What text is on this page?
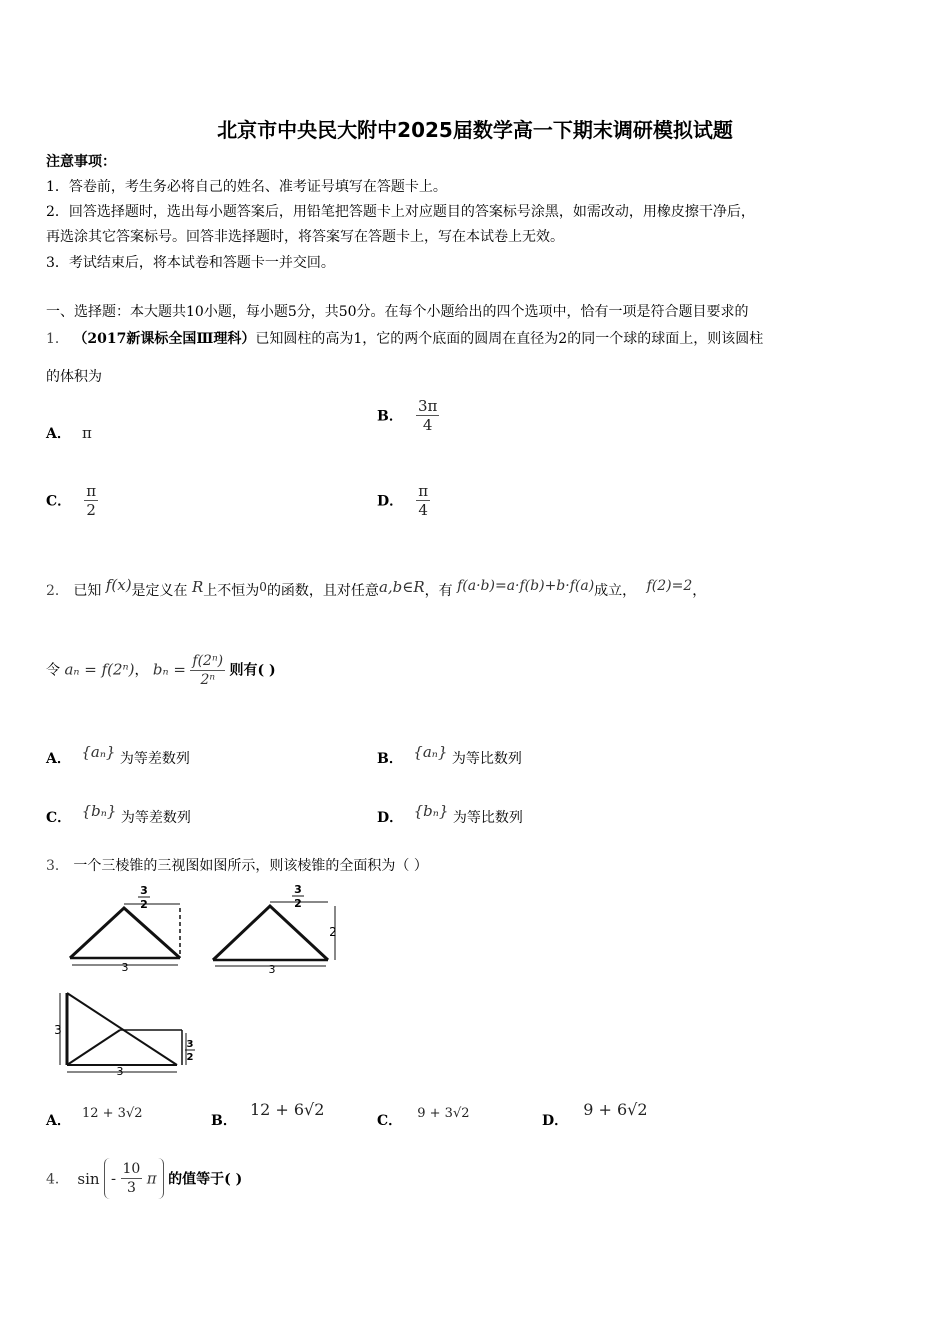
北京市中央民大附中2025届数学高一下期末调研模拟试题
注意事项：
1．答卷前，考生务必将自己的姓名、准考证号填写在答题卡上。
2．回答选择题时，选出每小题答案后，用铅笔把答题卡上对应题目的答案标号涂黑，如需改动，用橡皮擦干净后，
再选涂其它答案标号。回答非选择题时，将答案写在答题卡上，写在本试卷上无效。
3．考试结束后，将本试卷和答题卡一并交回。
一、选择题：本大题共10小题，每小题5分，共50分。在每个小题给出的四个选项中，恰有一项是符合题目要求的
1． （2017新课标全国Ⅲ理科）已知圆柱的高为1，它的两个底面的圆周在直径为2的同一个球的球面上，则该圆柱
的体积为
A． π
B． $\frac{3\pi}{4}$
C． $\frac{\pi}{2}$	D． $\frac{\pi}{4}$
2． 已知 f(x)是定义在 R上不恒为0的函数，且对任意a,b∈R，有 f(a·b)=a·f(b)+b·f(a)成立， f(2)=2，
令 aₙ = f(2ⁿ)， $b_n = \frac{\text{f(2ⁿ)}}{\text{2ⁿ}}$ 则有( )
A． {aₙ} 为等差数列	B． {aₙ} 为等比数列
C． {bₙ} 为等差数列	D． {bₙ} 为等比数列
3． 一个三棱锥的三视图如图所示，则该棱锥的全面积为（ ）
3
2
3
3
2
2
3
3
3
3
2
A． 12 + 3√2	B． 12 + 6√2
C． 9 + 3√2	D． 9 + 6√2
4． sin - $\frac{10}{3}$ π 的值等于( )
